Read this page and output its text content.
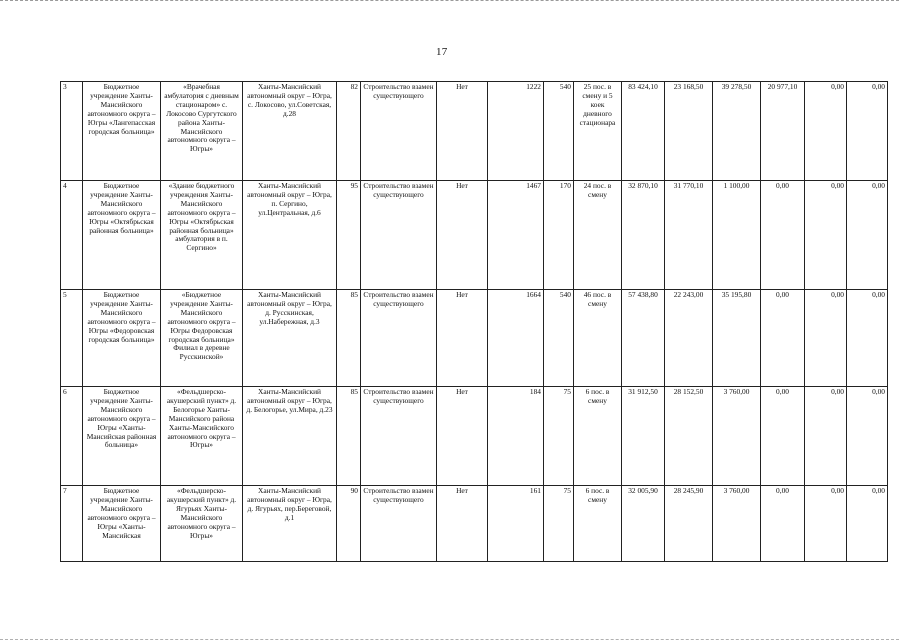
17
3	Бюджетное учреждение Ханты-Мансийского автономного округа – Югры «Лангепасская городская больница»	«Врачебная амбулатория с дневным стационаром» с. Локосово Сургутского района Ханты-Мансийского автономного округа – Югры»	Ханты-Мансийский автономный округ – Югра, с. Локосово, ул.Советская, д.28	82	Строительство взамен существующего	Нет	1222	540	25 пос. в смену и 5 коек дневного стационара	83 424,10	23 168,50	39 278,50	20 977,10	0,00	0,00
4	Бюджетное учреждение Ханты-Мансийского автономного округа – Югры «Октябрьская районная больница»	«Здание бюджетного учреждения Ханты-Мансийского автономного округа – Югры «Октябрьская районная больница» амбулатория в п. Сергино»	Ханты-Мансийский автономный округ – Югра, п. Сергино, ул.Центральная, д.6	95	Строительство взамен существующего	Нет	1467	170	24 пос. в смену	32 870,10	31 770,10	1 100,00	0,00	0,00	0,00
5	Бюджетное учреждение Ханты-Мансийского автономного округа – Югры «Федоровская городская больница»	«Бюджетное учреждение Ханты-Мансийского автономного округа – Югры Федоровская городская больница» Филиал в деревне Русскинской»	Ханты-Мансийский автономный округ – Югра, д. Русскинская, ул.Набережная, д.3	85	Строительство взамен существующего	Нет	1664	540	46 пос. в смену	57 438,80	22 243,00	35 195,80	0,00	0,00	0,00
6	Бюджетное учреждение Ханты-Мансийского автономного округа – Югры «Ханты-Мансийская районная больница»	«Фельдшерско-акушерский пункт» д. Белогорье Ханты-Мансийского района Ханты-Мансийского автономного округа – Югры»	Ханты-Мансийский автономный округ – Югра, д. Белогорье, ул.Мира, д.23	85	Строительство взамен существующего	Нет	184	75	6 пос. в смену	31 912,50	28 152,50	3 760,00	0,00	0,00	0,00
7	Бюджетное учреждение Ханты-Мансийского автономного округа – Югры «Ханты-Мансийская	«Фельдшерско-акушерский пункт» д. Ягурьях Ханты-Мансийского автономного округа – Югры»	Ханты-Мансийский автономный округ – Югра, д. Ягурьях, пер.Береговой, д.1	90	Строительство взамен существующего	Нет	161	75	6 пос. в смену	32 005,90	28 245,90	3 760,00	0,00	0,00	0,00
